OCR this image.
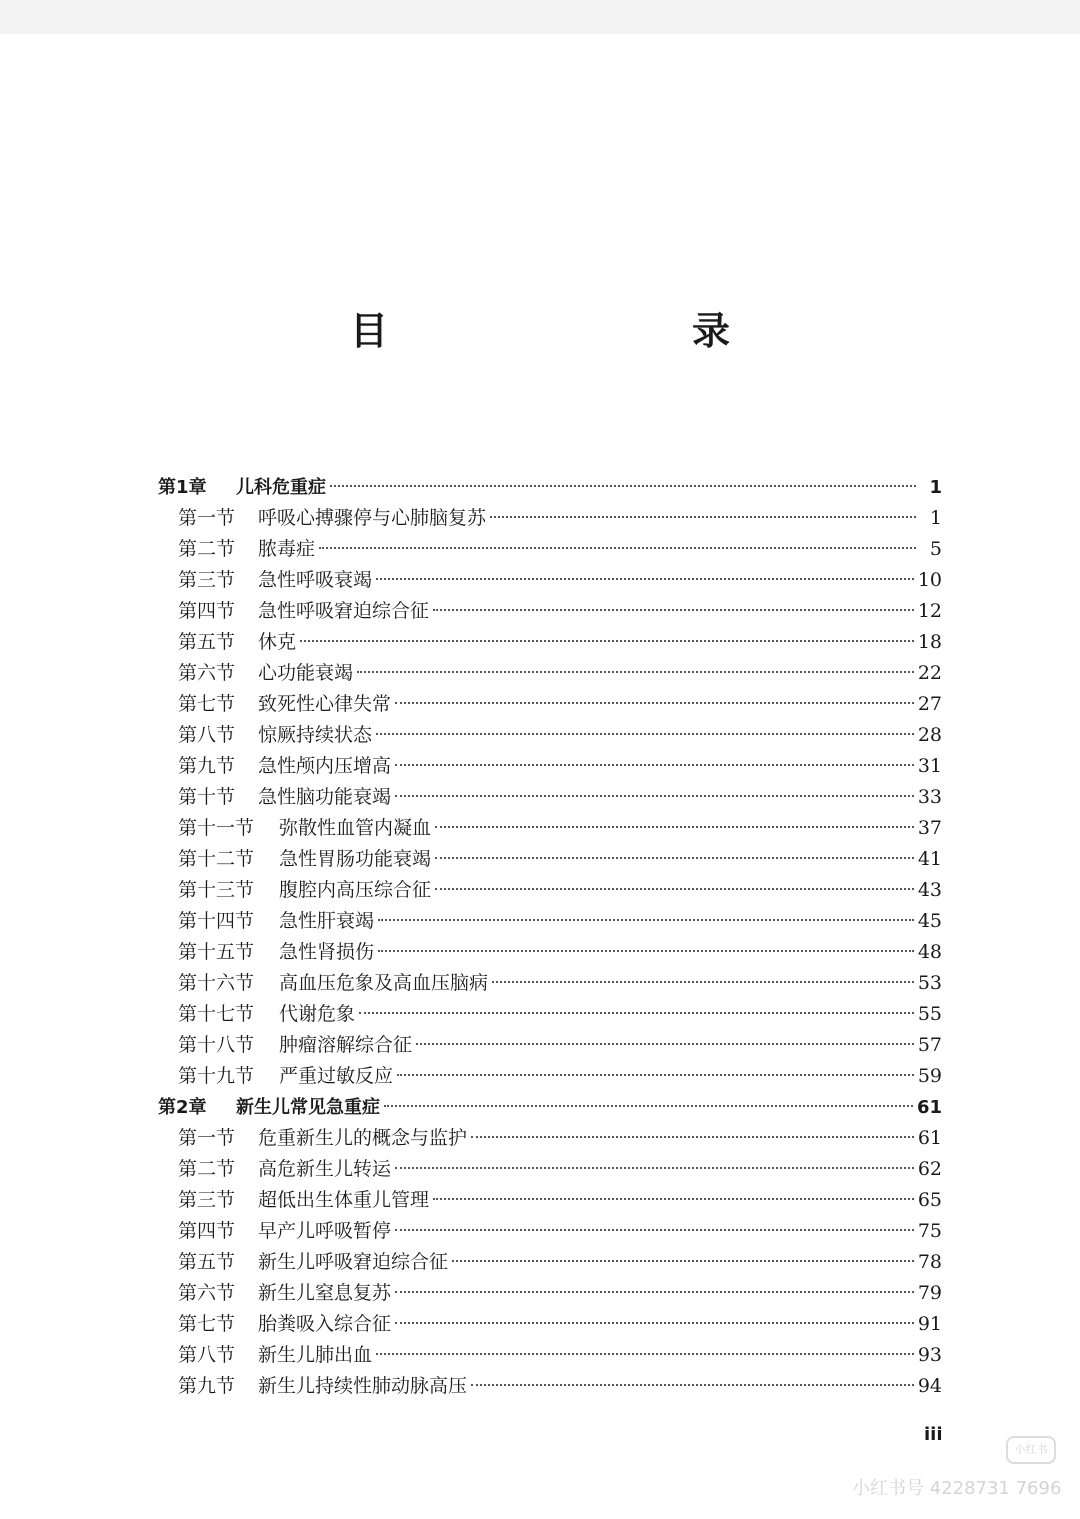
目　　录
第1章	儿科危重症	1
第一节	呼吸心搏骤停与心肺脑复苏	1
第二节	脓毒症	5
第三节	急性呼吸衰竭	10
第四节	急性呼吸窘迫综合征	12
第五节	休克	18
第六节	心功能衰竭	22
第七节	致死性心律失常	27
第八节	惊厥持续状态	28
第九节	急性颅内压增高	31
第十节	急性脑功能衰竭	33
第十一节	弥散性血管内凝血	37
第十二节	急性胃肠功能衰竭	41
第十三节	腹腔内高压综合征	43
第十四节	急性肝衰竭	45
第十五节	急性肾损伤	48
第十六节	高血压危象及高血压脑病	53
第十七节	代谢危象	55
第十八节	肿瘤溶解综合征	57
第十九节	严重过敏反应	59
第2章	新生儿常见急重症	61
第一节	危重新生儿的概念与监护	61
第二节	高危新生儿转运	62
第三节	超低出生体重儿管理	65
第四节	早产儿呼吸暂停	75
第五节	新生儿呼吸窘迫综合征	78
第六节	新生儿窒息复苏	79
第七节	胎粪吸入综合征	91
第八节	新生儿肺出血	93
第九节	新生儿持续性肺动脉高压	94
iii
小红书
小红书号 4228731 7696
